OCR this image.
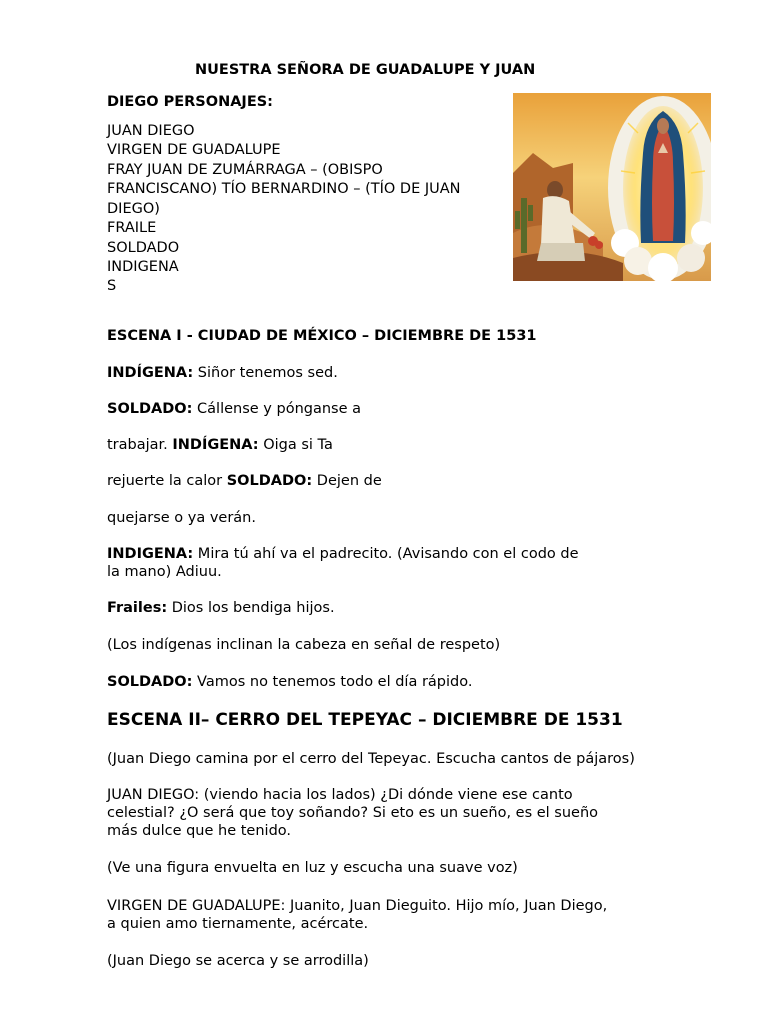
NUESTRA SEÑORA DE GUADALUPE Y JUAN
DIEGO PERSONAJES:
JUAN DIEGO
VIRGEN DE GUADALUPE
FRAY JUAN DE ZUMÁRRAGA – (OBISPO
FRANCISCANO) TÍO BERNARDINO – (TÍO DE JUAN
DIEGO)
FRAILE
SOLDADO
INDIGENA
S
ESCENA I - CIUDAD DE MÉXICO – DICIEMBRE DE 1531
INDÍGENA: Siñor tenemos sed.
SOLDADO: Cállense y pónganse a
trabajar. INDÍGENA: Oiga si Ta
rejuerte la calor SOLDADO: Dejen de
quejarse o ya verán.
INDIGENA: Mira tú ahí va el padrecito. (Avisando con el codo de
la mano) Adiuu.
Frailes: Dios los bendiga hijos.
(Los indígenas inclinan la cabeza en señal de respeto)
SOLDADO: Vamos no tenemos todo el día rápido.
ESCENA II– CERRO DEL TEPEYAC – DICIEMBRE DE 1531
(Juan Diego camina por el cerro del Tepeyac. Escucha cantos de pájaros)
JUAN DIEGO: (viendo hacia los lados) ¿Di dónde viene ese canto
celestial? ¿O será que toy soñando? Si eto es un sueño, es el sueño
más dulce que he tenido.
(Ve una figura envuelta en luz y escucha una suave voz)
VIRGEN DE GUADALUPE: Juanito, Juan Dieguito. Hijo mío, Juan Diego,
a quien amo tiernamente, acércate.
(Juan Diego se acerca y se arrodilla)
